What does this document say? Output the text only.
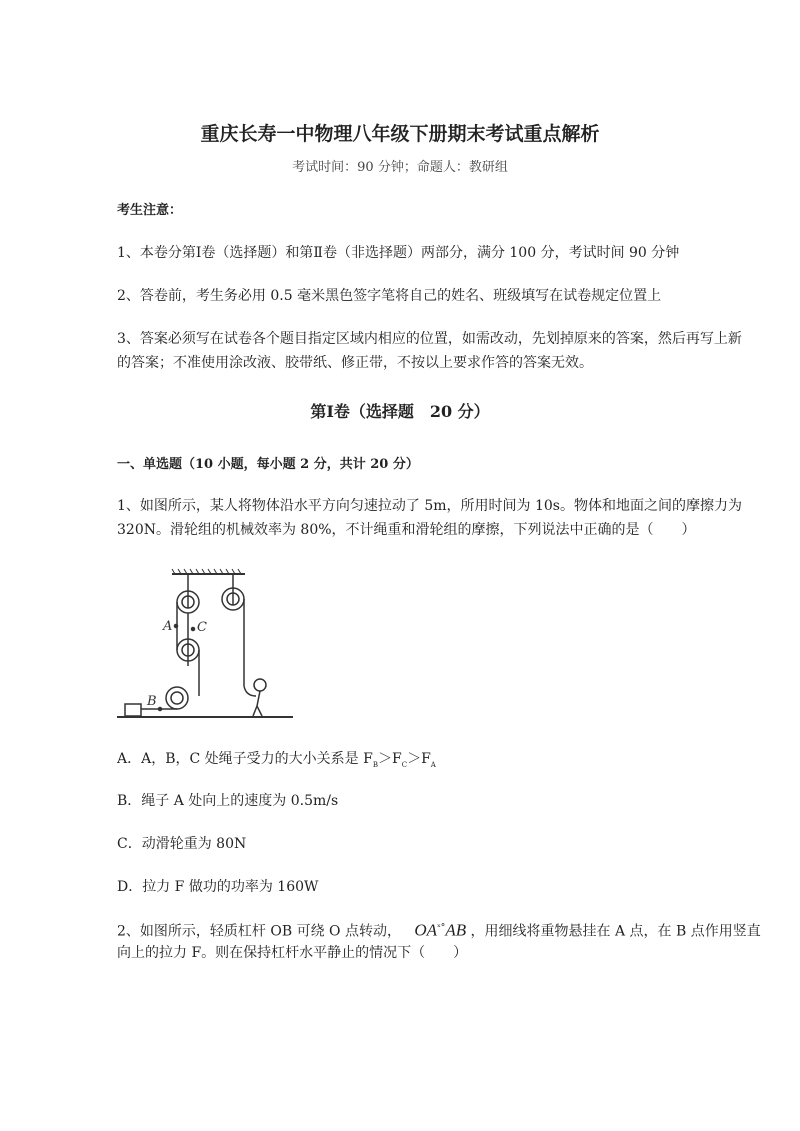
重庆长寿一中物理八年级下册期末考试重点解析
考试时间：90 分钟；命题人：教研组
考生注意：
1、本卷分第Ⅰ卷（选择题）和第Ⅱ卷（非选择题）两部分，满分 100 分，考试时间 90 分钟
2、答卷前，考生务必用 0.5 毫米黑色签字笔将自己的姓名、班级填写在试卷规定位置上
3、答案必须写在试卷各个题目指定区域内相应的位置，如需改动，先划掉原来的答案，然后再写上新
的答案；不准使用涂改液、胶带纸、修正带，不按以上要求作答的答案无效。
第Ⅰ卷（选择题　20 分）
一、单选题（10 小题，每小题 2 分，共计 20 分）
1、如图所示，某人将物体沿水平方向匀速拉动了 5m，所用时间为 10s。物体和地面之间的摩擦力为
320N。滑轮组的机械效率为 80%，不计绳重和滑轮组的摩擦，下列说法中正确的是（　　）
A C
B
A．A，B，C 处绳子受力的大小关系是 $F_B>F_C>F_A$
B．绳子 A 处向上的速度为 0.5m/s
C．动滑轮重为 80N
D．拉力 F 做功的功率为 160W
2、如图所示，轻质杠杆 OB 可绕 O 点转动， $OA^{ˣ^\circ}AB$ ，用细线将重物悬挂在 A 点，在 B 点作用竖直
向上的拉力 F。则在保持杠杆水平静止的情况下（　　）
